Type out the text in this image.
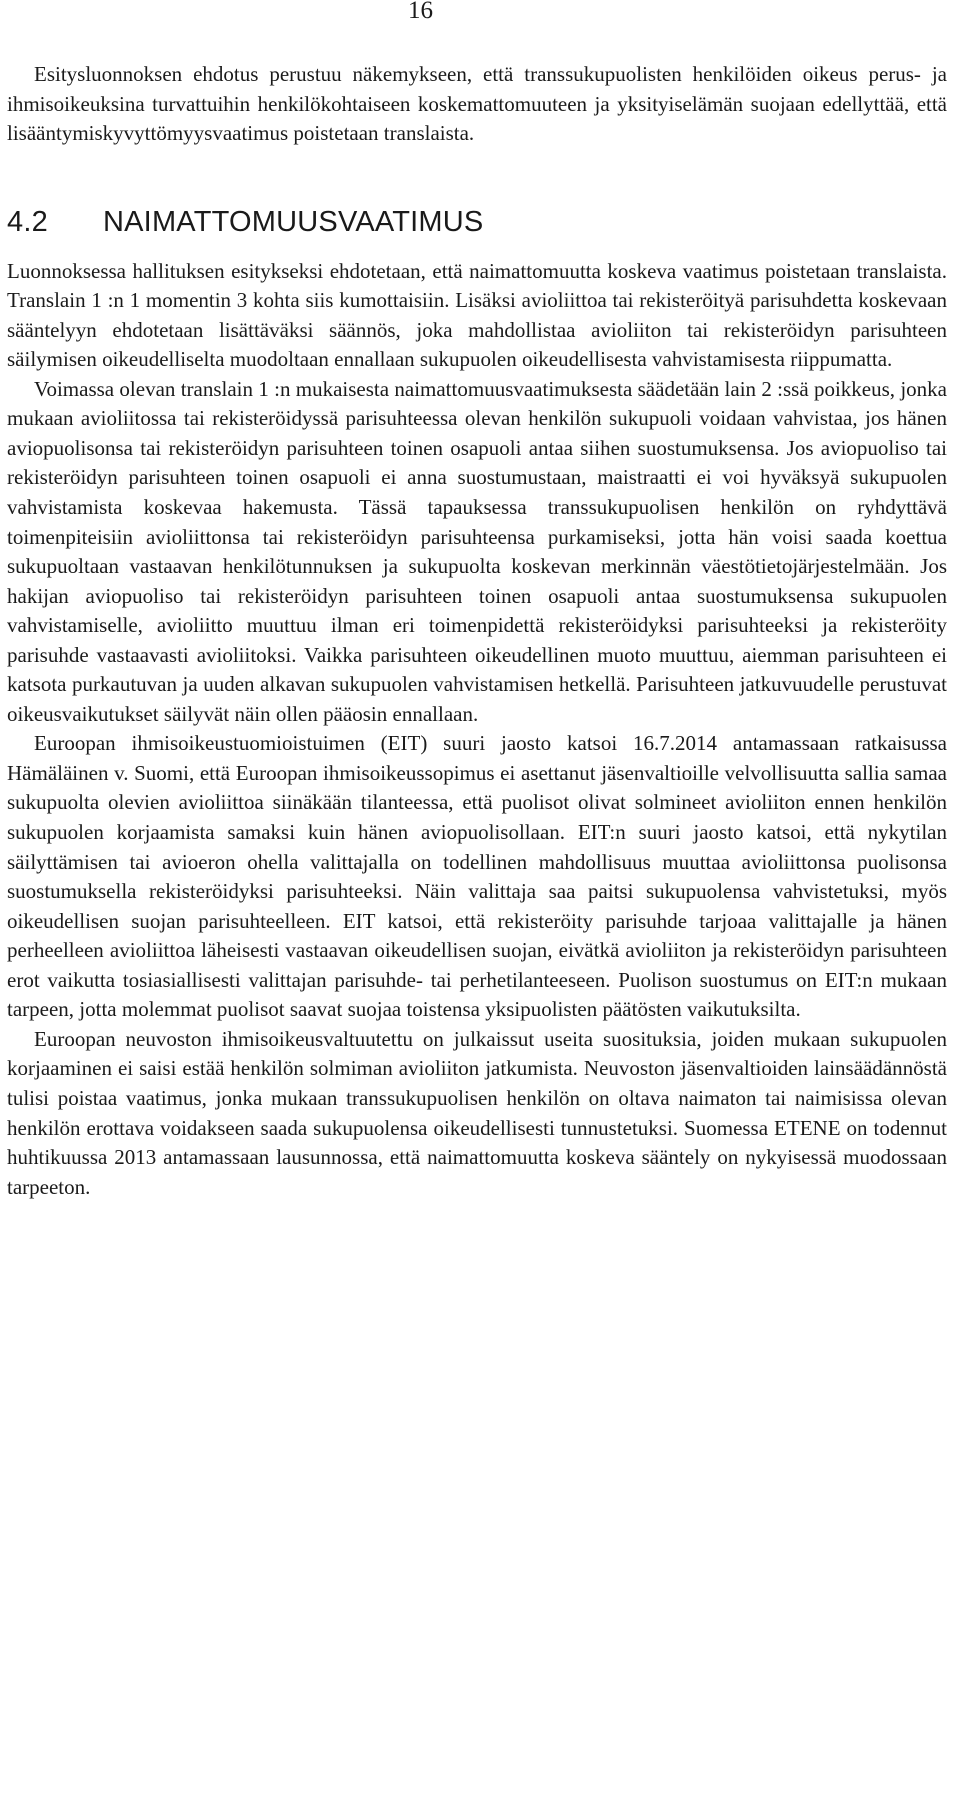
16

Esitysluonnoksen ehdotus perustuu näkemykseen, että transsukupuolisten henkilöiden oikeus perus- ja ihmisoikeuksina turvattuihin henkilökohtaiseen koskemattomuuteen ja yksityiselämän suojaan edellyttää, että lisääntymiskyvyttömyysvaatimus poistetaan translaista.

4.2 NAIMATTOMUUSVAATIMUS

Luonnoksessa hallituksen esitykseksi ehdotetaan, että naimattomuutta koskeva vaatimus poistetaan translaista. Translain 1 :n 1 momentin 3 kohta siis kumottaisiin. Lisäksi avioliittoa tai rekisteröityä parisuhdetta koskevaan sääntelyyn ehdotetaan lisättäväksi säännös, joka mahdollistaa avioliiton tai rekisteröidyn parisuhteen säilymisen oikeudelliselta muodoltaan ennallaan sukupuolen oikeudellisesta vahvistamisesta riippumatta.

Voimassa olevan translain 1 :n mukaisesta naimattomuusvaatimuksesta säädetään lain 2 :ssä poikkeus, jonka mukaan avioliitossa tai rekisteröidyssä parisuhteessa olevan henkilön sukupuoli voidaan vahvistaa, jos hänen aviopuolisonsa tai rekisteröidyn parisuhteen toinen osapuoli antaa siihen suostumuksensa. Jos aviopuoliso tai rekisteröidyn parisuhteen toinen osapuoli ei anna suostumustaan, maistraatti ei voi hyväksyä sukupuolen vahvistamista koskevaa hakemusta. Tässä tapauksessa transsukupuolisen henkilön on ryhdyttävä toimenpiteisiin avioliittonsa tai rekisteröidyn parisuhteensa purkamiseksi, jotta hän voisi saada koettua sukupuoltaan vastaavan henkilötunnuksen ja sukupuolta koskevan merkinnän väestötietojärjestelmään. Jos hakijan aviopuoliso tai rekisteröidyn parisuhteen toinen osapuoli antaa suostumuksensa sukupuolen vahvistamiselle, avioliitto muuttuu ilman eri toimenpidettä rekisteröidyksi parisuhteeksi ja rekisteröity parisuhde vastaavasti avioliitoksi. Vaikka parisuhteen oikeudellinen muoto muuttuu, aiemman parisuhteen ei katsota purkautuvan ja uuden alkavan sukupuolen vahvistamisen hetkellä. Parisuhteen jatkuvuudelle perustuvat oikeusvaikutukset säilyvät näin ollen pääosin ennallaan.

Euroopan ihmisoikeustuomioistuimen (EIT) suuri jaosto katsoi 16.7.2014 antamassaan ratkaisussa Hämäläinen v. Suomi, että Euroopan ihmisoikeussopimus ei asettanut jäsenvaltioille velvollisuutta sallia samaa sukupuolta olevien avioliittoa siinäkään tilanteessa, että puolisot olivat solmineet avioliiton ennen henkilön sukupuolen korjaamista samaksi kuin hänen aviopuolisollaan. EIT:n suuri jaosto katsoi, että nykytilan säilyttämisen tai avioeron ohella valittajalla on todellinen mahdollisuus muuttaa avioliittonsa puolisonsa suostumuksella rekisteröidyksi parisuhteeksi. Näin valittaja saa paitsi sukupuolensa vahvistetuksi, myös oikeudellisen suojan parisuhteelleen. EIT katsoi, että rekisteröity parisuhde tarjoaa valittajalle ja hänen perheelleen avioliittoa läheisesti vastaavan oikeudellisen suojan, eivätkä avioliiton ja rekisteröidyn parisuhteen erot vaikutta tosiasiallisesti valittajan parisuhde- tai perhetilanteeseen. Puolison suostumus on EIT:n mukaan tarpeen, jotta molemmat puolisot saavat suojaa toistensa yksipuolisten päätösten vaikutuksilta.

Euroopan neuvoston ihmisoikeusvaltuutettu on julkaissut useita suosituksia, joiden mukaan sukupuolen korjaaminen ei saisi estää henkilön solmiman avioliiton jatkumista. Neuvoston jäsenvaltioiden lainsäädännöstä tulisi poistaa vaatimus, jonka mukaan transsukupuolisen henkilön on oltava naimaton tai naimisissa olevan henkilön erottava voidakseen saada sukupuolensa oikeudellisesti tunnustetuksi. Suomessa ETENE on todennut huhtikuussa 2013 antamassaan lausunnossa, että naimattomuutta koskeva sääntely on nykyisessä muodossaan tarpeeton.
